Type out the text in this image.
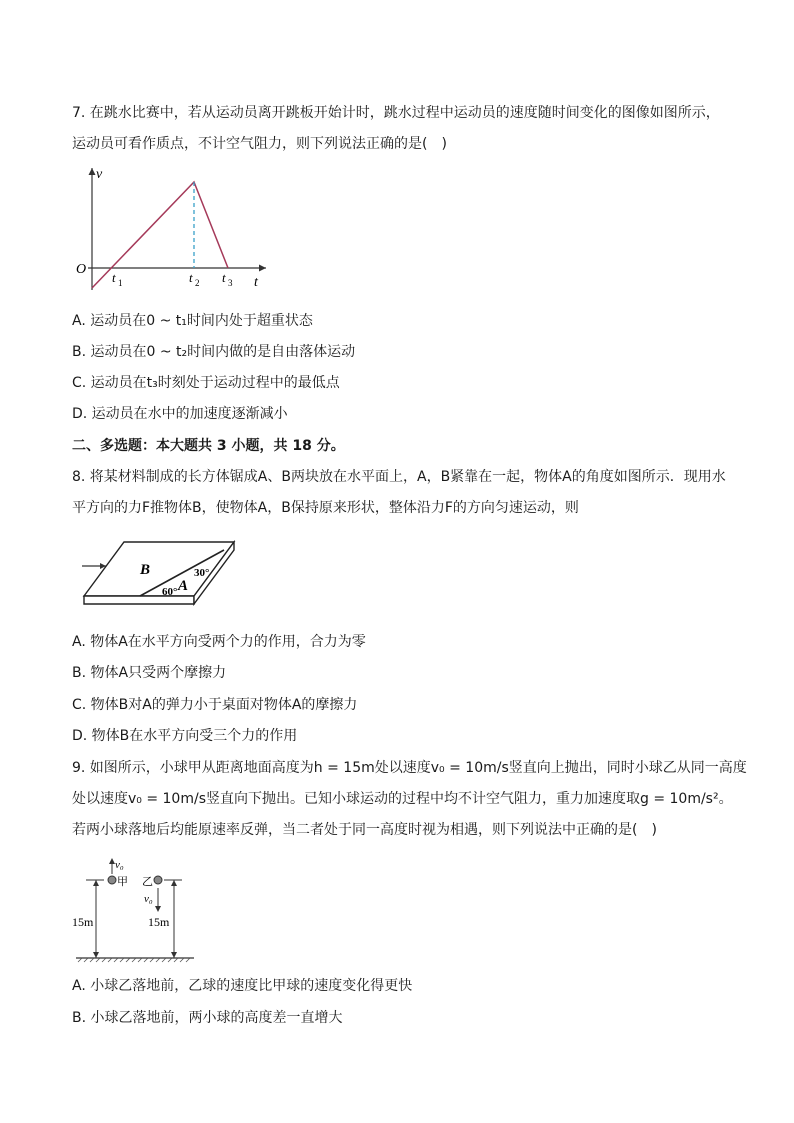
7. 在跳水比赛中，若从运动员离开跳板开始计时，跳水过程中运动员的速度随时间变化的图像如图所示，
运动员可看作质点，不计空气阻力，则下列说法正确的是(　)
v
O
t
t 1	t 2 t 3
A. 运动员在0 ~ t₁时间内处于超重状态
B. 运动员在0 ~ t₂时间内做的是自由落体运动
C. 运动员在t₃时刻处于运动过程中的最低点
D. 运动员在水中的加速度逐渐减小
二、多选题：本大题共 3 小题，共 18 分。
8. 将某材料制成的长方体锯成A、B两块放在水平面上，A，B紧靠在一起，物体A的角度如图所示．现用水
平方向的力F推物体B，使物体A，B保持原来形状，整体沿力F的方向匀速运动，则
B
A
30°
60°
A. 物体A在水平方向受两个力的作用，合力为零
B. 物体A只受两个摩擦力
C. 物体B对A的弹力小于桌面对物体A的摩擦力
D. 物体B在水平方向受三个力的作用
9. 如图所示，小球甲从距离地面高度为h = 15m处以速度v₀ = 10m/s竖直向上抛出，同时小球乙从同一高度
处以速度v₀ = 10m/s竖直向下抛出。已知小球运动的过程中均不计空气阻力，重力加速度取g = 10m/s²。
若两小球落地后均能原速率反弹，当二者处于同一高度时视为相遇，则下列说法中正确的是(　)
v₀
甲 乙
v₀
15m	15m
A. 小球乙落地前，乙球的速度比甲球的速度变化得更快
B. 小球乙落地前，两小球的高度差一直增大
